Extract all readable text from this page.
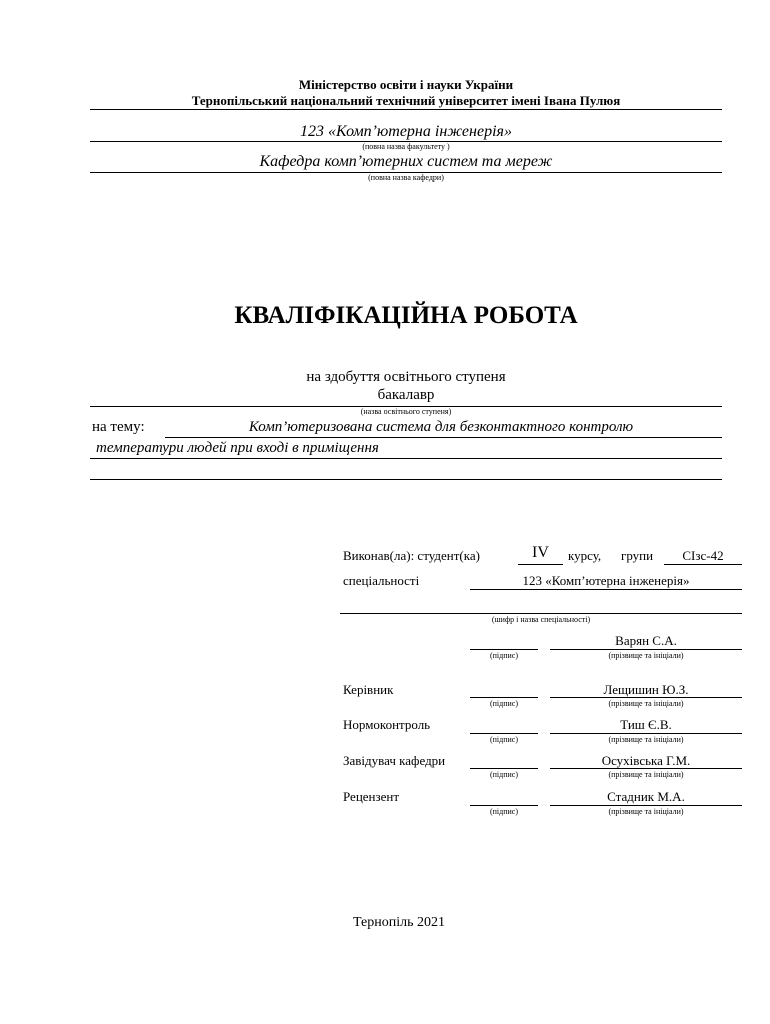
Міністерство освіти і науки України
Тернопільський національний технічний університет імені Івана Пулюя
123 «Комп’ютерна інженерія»
(повна назва факультету )
Кафедра комп’ютерних систем та мереж
(повна назва кафедри)
КВАЛІФІКАЦІЙНА РОБОТА
на здобуття освітнього ступеня
бакалавр
(назва освітнього ступеня)
на тему:	Комп’ютеризована система для безконтактного контролю
температури людей при вході в приміщення
Виконав(ла): студент(ка)	IV	курсу, групи	СІзс-42
спеціальності	123 «Комп’ютерна інженерія»
(шифр і назва спеціальності)
Варян С.А.
(підпис)	(прізвище та ініціали)
Керівник	Лещишин Ю.З.
(підпис)	(прізвище та ініціали)
Нормоконтроль	Тиш Є.В.
(підпис)	(прізвище та ініціали)
Завідувач кафедри	Осухівська Г.М.
(підпис)	(прізвище та ініціали)
Рецензент	Стадник М.А.
(підпис)	(прізвище та ініціали)
Тернопіль 2021
